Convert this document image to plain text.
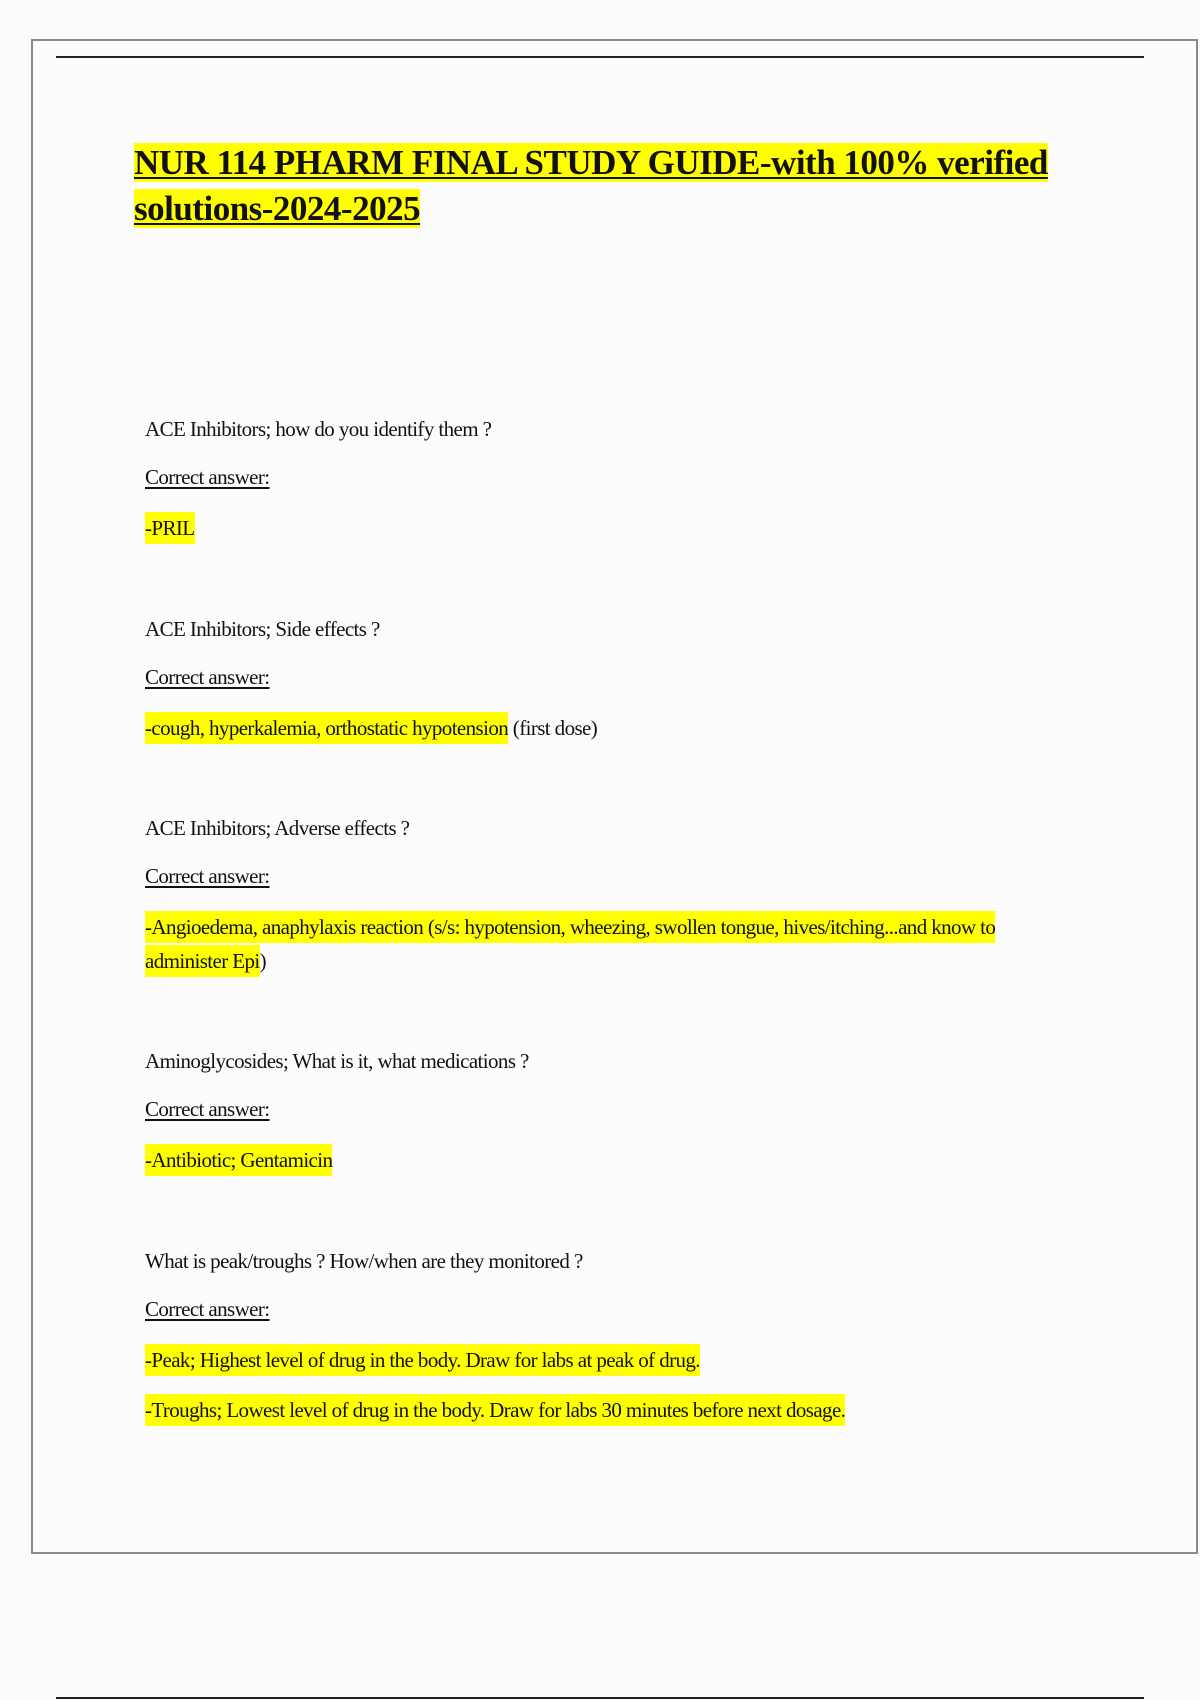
NUR 114 PHARM FINAL STUDY GUIDE-with 100% verified solutions-2024-2025

ACE Inhibitors; how do you identify them ?

Correct answer:

-PRIL

ACE Inhibitors; Side effects ?

Correct answer:

-cough, hyperkalemia, orthostatic hypotension (first dose)

ACE Inhibitors; Adverse effects ?

Correct answer:

-Angioedema, anaphylaxis reaction (s/s: hypotension, wheezing, swollen tongue, hives/itching...and know to administer Epi)

Aminoglycosides; What is it, what medications ?

Correct answer:

-Antibiotic; Gentamicin

What is peak/troughs ? How/when are they monitored ?

Correct answer:

-Peak; Highest level of drug in the body. Draw for labs at peak of drug.

-Troughs; Lowest level of drug in the body. Draw for labs 30 minutes before next dosage.
